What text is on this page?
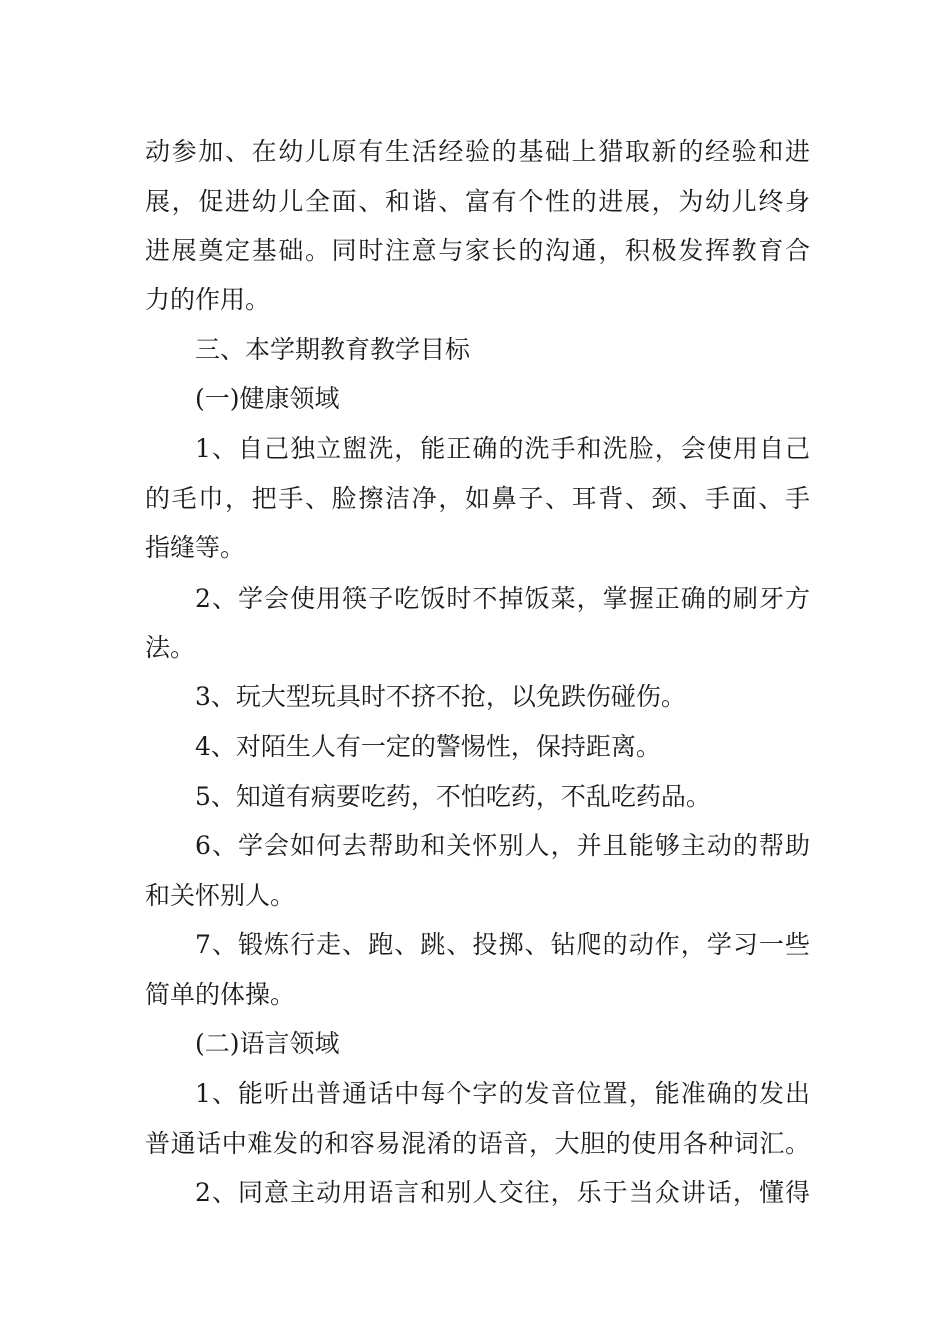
动参加、在幼儿原有生活经验的基础上猎取新的经验和进
展，促进幼儿全面、和谐、富有个性的进展，为幼儿终身
进展奠定基础。同时注意与家长的沟通，积极发挥教育合
力的作用。
三、本学期教育教学目标
(一)健康领域
1、自己独立盥洗，能正确的洗手和洗脸，会使用自己
的毛巾，把手、脸擦洁净，如鼻子、耳背、颈、手面、手
指缝等。
2、学会使用筷子吃饭时不掉饭菜，掌握正确的刷牙方
法。
3、玩大型玩具时不挤不抢，以免跌伤碰伤。
4、对陌生人有一定的警惕性，保持距离。
5、知道有病要吃药，不怕吃药，不乱吃药品。
6、学会如何去帮助和关怀别人，并且能够主动的帮助
和关怀别人。
7、锻炼行走、跑、跳、投掷、钻爬的动作，学习一些
简单的体操。
(二)语言领域
1、能听出普通话中每个字的发音位置，能准确的发出
普通话中难发的和容易混淆的语音，大胆的使用各种词汇。
2、同意主动用语言和别人交往，乐于当众讲话，懂得
